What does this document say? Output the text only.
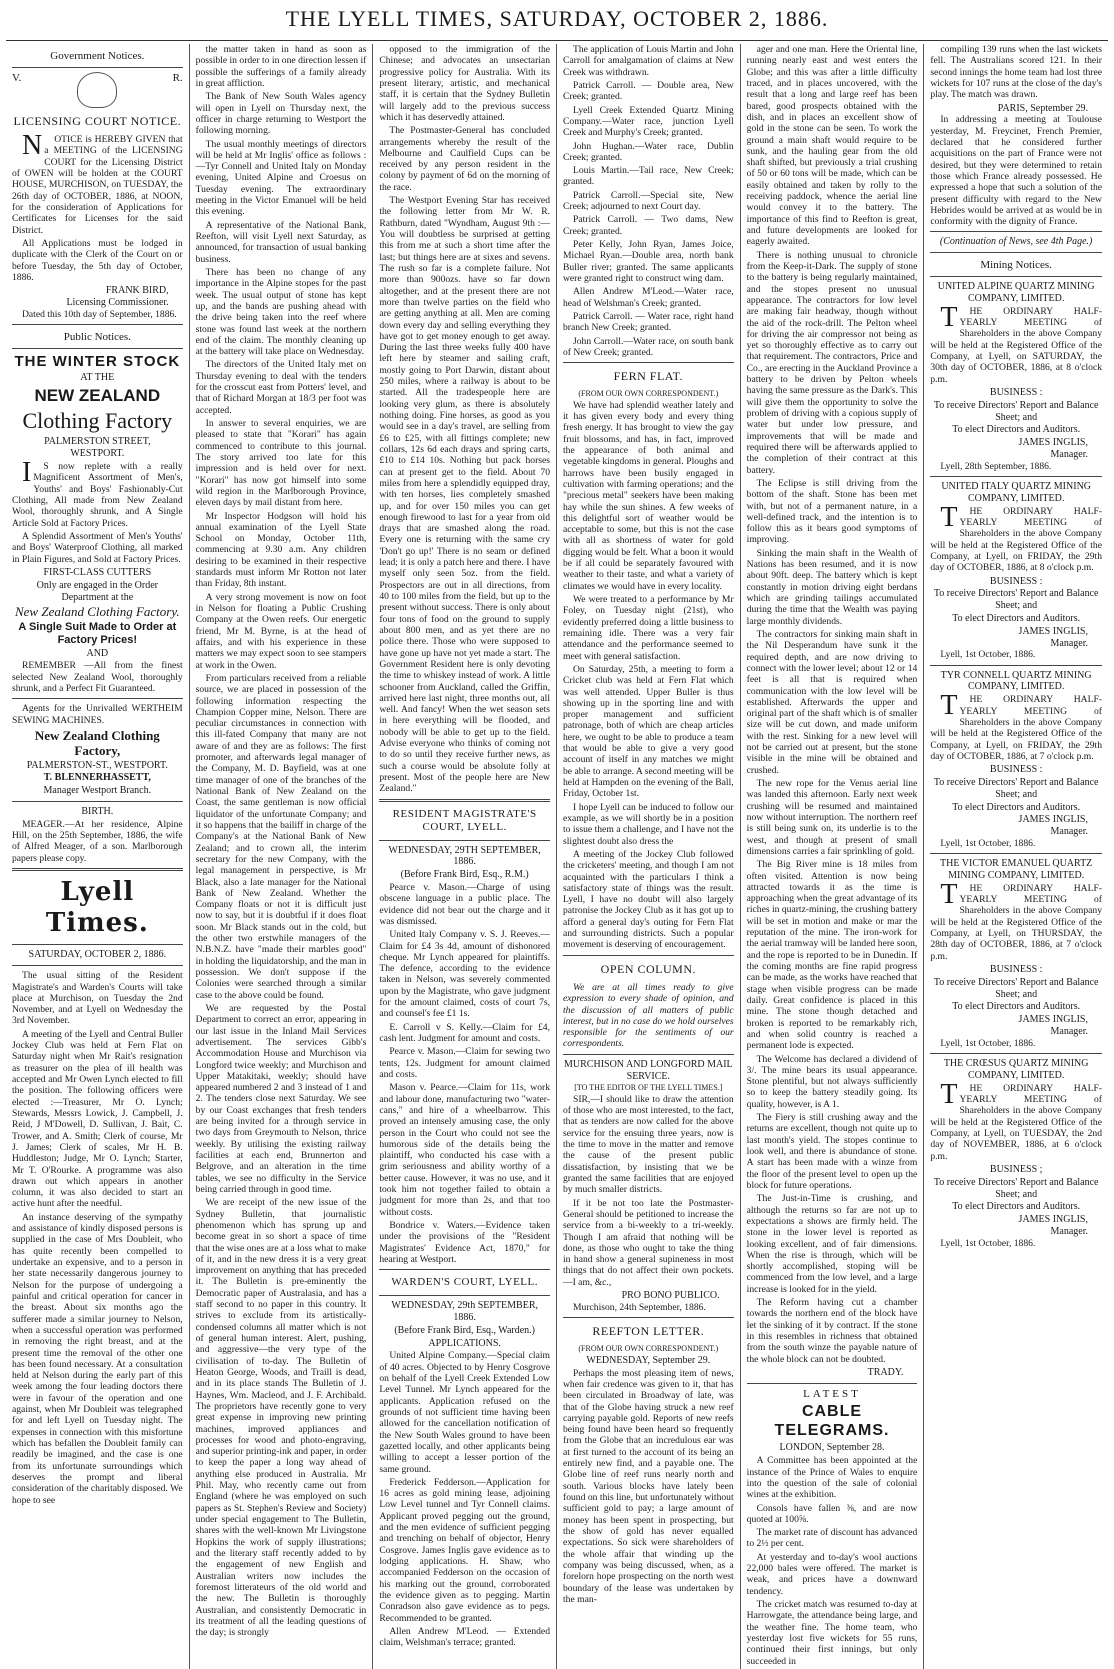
THE LYELL TIMES, SATURDAY, OCTOBER 2, 1886.
Government Notices.
V.	R.
LICENSING COURT NOTICE.

N OTICE is HEREBY GIVEN that a MEETING of the LICENSING COURT for the Licensing District of OWEN will be holden at the COURT HOUSE, MURCHISON, on TUESDAY, the 26th day of OCTOBER, 1886, at NOON, for the consideration of Applications for Certificates for Licenses for the said District.

All Applications must be lodged in duplicate with the Clerk of the Court on or before Tuesday, the 5th day of October, 1886.

FRANK BIRD,
Licensing Commissioner.

Dated this 10th day of September, 1886.

Public Notices.
THE WINTER STOCK
AT THE
NEW ZEALAND
Clothing Factory
PALMERSTON STREET,
WESTPORT.

I S now replete with a really Magnificent Assortment of Men's, Youths' and Boys' Fashionably-Cut Clothing, All made from New Zealand Wool, thoroughly shrunk, and A Single Article Sold at Factory Prices.

A Splendid Assortment of Men's Youths' and Boys' Waterproof Clothing, all marked in Plain Figures, and Sold at Factory Prices.

FIRST-CLASS CUTTERS
Only are engaged in the Order Department at the
New Zealand Clothing Factory.
A Single Suit Made to Order at Factory Prices!
AND

REMEMBER —All from the finest selected New Zealand Wool, thoroughly shrunk, and a Perfect Fit Guaranteed.

Agents for the Unrivalled WERTHEIM SEWING MACHINES.

New Zealand Clothing Factory,
PALMERSTON-ST., WESTPORT.
T. BLENNERHASSETT,
Manager Westport Branch.
BIRTH.

MEAGER.—At her residence, Alpine Hill, on the 25th September, 1886, the wife of Alfred Meager, of a son. Marlborough papers please copy.

Lyell Times.
SATURDAY, OCTOBER 2, 1886.

The usual sitting of the Resident Magistrate's and Warden's Courts will take place at Murchison, on Tuesday the 2nd November, and at Lyell on Wednesday the 3rd November.

A meeting of the Lyell and Central Buller Jockey Club was held at Fern Flat on Saturday night when Mr Rait's resignation as treasurer on the plea of ill health was accepted and Mr Owen Lynch elected to fill the position. The following officers were elected :—Treasurer, Mr O. Lynch; Stewards, Messrs Lowick, J. Campbell, J. Reid, J M'Dowell, D. Sullivan, J. Bait, C. Trower, and A. Smith; Clerk of course, Mr J. James; Clerk of scales, Mr H. B. Huddleston; Judge, Mr O. Lynch; Starter, Mr T. O'Rourke. A programme was also drawn out which appears in another column, it was also decided to start an active hunt after the needful.

An instance deserving of the sympathy and assistance of kindly disposed persons is supplied in the case of Mrs Doubleit, who has quite recently been compelled to undertake an expensive, and to a person in her state necessarily dangerous journey to Nelson for the purpose of undergoing a painful and critical operation for cancer in the breast. About six months ago the sufferer made a similar journey to Nelson, when a successful operation was performed in removing the right breast, and at the present time the removal of the other one has been found necessary. At a consultation held at Nelson during the early part of this week among the four leading doctors there were in favour of the operation and one against, when Mr Doubleit was telegraphed for and left Lyell on Tuesday night. The expenses in connection with this misfortune which has befallen the Doubleit family can readily be imagined, and the case is one from its unfortunate surroundings which deserves the prompt and liberal consideration of the charitably disposed. We hope to see

the matter taken in hand as soon as possible in order to in one direction lessen if possible the sufferings of a family already in great affliction.

The Bank of New South Wales agency will open in Lyell on Thursday next, the officer in charge returning to Westport the following morning.

The usual monthly meetings of directors will be held at Mr Inglis' office as follows :—Tyr Connell and United Italy on Monday evening, United Alpine and Croesus on Tuesday evening. The extraordinary meeting in the Victor Emanuel will be held this evening.

A representative of the National Bank, Reefton, will visit Lyell next Saturday, as announced, for transaction of usual banking business.

There has been no change of any importance in the Alpine stopes for the past week. The usual output of stone has kept up, and the bands are pushing ahead with the drive being taken into the reef where stone was found last week at the northern end of the claim. The monthly cleaning up at the battery will take place on Wednesday.

The directors of the United Italy met on Thursday evening to deal with the tenders for the crosscut east from Potters' level, and that of Richard Morgan at 18/3 per foot was accepted.

In answer to several enquiries, we are pleased to state that "Korari" has again commenced to contribute to this journal. The story arrived too late for this impression and is held over for next. "Korari" has now got himself into some wild region in the Marlborough Province, eleven days by mail distant from here.

Mr Inspector Hodgson will hold his annual examination of the Lyell State School on Monday, October 11th, commencing at 9.30 a.m. Any children desiring to be examined in their respective standards must inform Mr Rotton not later than Friday, 8th instant.

A very strong movement is now on foot in Nelson for floating a Public Crushing Company at the Owen reefs. Our energetic friend, Mr M. Byrne, is at the head of affairs, and with his experience in these matters we may expect soon to see stampers at work in the Owen.

From particulars received from a reliable source, we are placed in possession of the following information respecting the Champion Copper mine, Nelson. There are peculiar circumstances in connection with this ill-fated Company that many are not aware of and they are as follows: The first promoter, and afterwards legal manager of the Company, M. D. Bayfield, was at one time manager of one of the branches of the National Bank of New Zealand on the Coast, the same gentleman is now official liquidator of the unfortunate Company; and it so happens that the bailiff in charge of the Company's at the National Bank of New Zealand; and to crown all, the interim secretary for the new Company, with the legal management in perspective, is Mr Black, also a late manager for the National Bank of New Zealand. Whether the Company floats or not it is difficult just now to say, but it is doubtful if it does float soon. Mr Black stands out in the cold, but the other two erstwhile managers of the N.B.N.Z. have "made their marbles good" in holding the liquidatorship, and the man in possession. We don't suppose if the Colonies were searched through a similar case to the above could be found.

We are requested by the Postal Department to correct an error, appearing in our last issue in the Inland Mail Services advertisement. The services Gibb's Accommodation House and Murchison via Longford twice weekly; and Murchison and Upper Matakitaki, weekly; should have appeared numbered 2 and 3 instead of 1 and 2. The tenders close next Saturday. We see by our Coast exchanges that fresh tenders are being invited for a through service in two days from Greymouth to Nelson, thrice weekly. By utilising the existing railway facilities at each end, Brunnerton and Belgrove, and an alteration in the time tables, we see no difficulty in the Service being carried through in good time.

We are receipt of the new issue of the Sydney Bulletin, that journalistic phenomenon which has sprung up and become great in so short a space of time that the wise ones are at a loss what to make of it, and in the new dress it is a very great improvement on anything that has preceded it. The Bulletin is pre-eminently the Democratic paper of Australasia, and has a staff second to no paper in this country. It strives to exclude from its artistically-condensed columns all matter which is not of general human interest. Alert, pushing, and aggressive—the very type of the civilisation of to-day. The Bulletin of Heaton George, Woods, and Traill is dead, and in its place stands The Bulletin of J. Haynes, Wm. Macleod, and J. F. Archibald. The proprietors have recently gone to very great expense in improving new printing machines, improved appliances and processes for wood and photo-engraving, and superior printing-ink and paper, in order to keep the paper a long way ahead of anything else produced in Australia. Mr Phil. May, who recently came out from England (where he was employed on such papers as St. Stephen's Review and Society) under special engagement to The Bulletin, shares with the well-known Mr Livingstone Hopkins the work of supply illustrations; and the literary staff recently added to by the engagement of new English and Australian writers now includes the foremost litterateurs of the old world and the new. The Bulletin is thoroughly Australian, and consistently Democratic in its treatment of all the leading questions of the day; is strongly

opposed to the immigration of the Chinese; and advocates an unsectarian progressive policy for Australia. With its present literary, artistic, and mechanical staff, it is certain that the Sydney Bulletin will largely add to the previous success which it has deservedly attained.

The Postmaster-General has concluded arrangements whereby the result of the Melbourne and Caulfield Cups can be received by any person resident in the colony by payment of 6d on the morning of the race.

The Westport Evening Star has received the following letter from Mr W. R. Rathburn, dated "Wyndham, August 9th :—You will doubtless be surprised at getting this from me at such a short time after the last; but things here are at sixes and sevens. The rush so far is a complete failure. Not more than 900ozs. have so far down altogether, and at the present there are not more than twelve parties on the field who are getting anything at all. Men are coming down every day and selling everything they have got to get money enough to get away. During the last three weeks fully 400 have left here by steamer and sailing craft, mostly going to Port Darwin, distant about 250 miles, where a railway is about to be started. All the tradespeople here are looking very glum, as there is absolutely nothing doing. Fine horses, as good as you would see in a day's travel, are selling from £6 to £25, with all fittings complete; new collars, 12s 6d each drays and spring carts, £10 to £14 10s. Nothing but pack horses can at present get to the field. About 70 miles from here a splendidly equipped dray, with ten horses, lies completely smashed up, and for over 150 miles you can get enough firewood to last for a year from old drays that are smashed along the road. Every one is returning with the same cry 'Don't go up!' There is no seam or defined lead; it is only a patch here and there. I have myself only seen 5oz. from the field. Prospectors are out in all directions, from 40 to 100 miles from the field, but up to the present without success. There is only about four tons of food on the ground to supply about 800 men, and as yet there are no police there. Those who were supposed to have gone up have not yet made a start. The Government Resident here is only devoting the time to whiskey instead of work. A little schooner from Auckland, called the Griffin, arrived here last night, three months out, all well. And fancy! When the wet season sets in here everything will be flooded, and nobody will be able to get up to the field. Advise everyone who thinks of coming not to do so until they receive further news, as such a course would be absolute folly at present. Most of the people here are New Zealand."

RESIDENT MAGISTRATE'S COURT, LYELL.
WEDNESDAY, 29TH SEPTEMBER, 1886.
(Before Frank Bird, Esq., R.M.)

Pearce v. Mason.—Charge of using obscene language in a public place. The evidence did not bear out the charge and it was dismissed.

United Italy Company v. S. J. Reeves.—Claim for £4 3s 4d, amount of dishonored cheque. Mr Lynch appeared for plaintiffs. The defence, according to the evidence taken in Nelson, was severely commented upon by the Magistrate, who gave judgment for the amount claimed, costs of court 7s, and counsel's fee £1 1s.

E. Carroll v S. Kelly.—Claim for £4, cash lent. Judgment for amount and costs.

Pearce v. Mason.—Claim for sewing two tents, 12s. Judgment for amount claimed and costs.

Mason v. Pearce.—Claim for 11s, work and labour done, manufacturing two "water-cans," and hire of a wheelbarrow. This proved an intensely amusing case, the only person in the Court who could not see the humorous side of the details being the plaintiff, who conducted his case with a grim seriousness and ability worthy of a better cause. However, it was no use, and it took him not together failed to obtain a judgment for more than 2s, and that too without costs.

Bondrice v. Waters.—Evidence taken under the provisions of the "Resident Magistrates' Evidence Act, 1870," for hearing at Westport.

WARDEN'S COURT, LYELL.
WEDNESDAY, 29th SEPTEMBER, 1886.
(Before Frank Bird, Esq., Warden.)
APPLICATIONS.

United Alpine Company.—Special claim of 40 acres. Objected to by Henry Cosgrove on behalf of the Lyell Creek Extended Low Level Tunnel. Mr Lynch appeared for the applicants. Application refused on the grounds of not sufficient time having been allowed for the cancellation notification of the New South Wales ground to have been gazetted locally, and other applicants being willing to accept a lesser portion of the same ground.

Frederick Fedderson.—Application for 16 acres as gold mining lease, adjoining Low Level tunnel and Tyr Connell claims. Applicant proved pegging out the ground, and the men evidence of sufficient pegging and trenching on behalf of objector, Henry Cosgrove. James Inglis gave evidence as to lodging applications. H. Shaw, who accompanied Fedderson on the occasion of his marking out the ground, corroborated the evidence given as to pegging. Martin Conradson also gave evidence as to pegs. Recommended to be granted.

Allen Andrew M'Leod. — Extended claim, Welshman's terrace; granted.

The application of Louis Martin and John Carroll for amalgamation of claims at New Creek was withdrawn.

Patrick Carroll. — Double area, New Creek; granted.

Lyell Creek Extended Quartz Mining Company.—Water race, junction Lyell Creek and Murphy's Creek; granted.

John Hughan.—Water race, Dublin Creek; granted.

Louis Martin.—Tail race, New Creek; granted.

Patrick Carroll.—Special site, New Creek; adjourned to next Court day.

Patrick Carroll. — Two dams, New Creek; granted.

Peter Kelly, John Ryan, James Joice, Michael Ryan.—Double area, north bank Buller river; granted. The same applicants were granted right to construct wing dam.

Allen Andrew M'Leod.—Water race, head of Welshman's Creek; granted.

Patrick Carroll. — Water race, right hand branch New Creek; granted.

John Carroll.—Water race, on south bank of New Creek; granted.

FERN FLAT.
(FROM OUR OWN CORRESPONDENT.)

We have had splendid weather lately and it has given every body and every thing fresh energy. It has brought to view the gay fruit blossoms, and has, in fact, improved the appearance of both animal and vegetable kingdoms in general. Ploughs and harrows have been busily engaged in cultivation with farming operations; and the "precious metal" seekers have been making hay while the sun shines. A few weeks of this delightful sort of weather would be acceptable to some, but this is not the case with all as shortness of water for gold digging would be felt. What a boon it would be if all could be separately favoured with weather to their taste, and what a variety of climates we would have in every locality.

We were treated to a performance by Mr Foley, on Tuesday night (21st), who evidently preferred doing a little business to remaining idle. There was a very fair attendance and the performance seemed to meet with general satisfaction.

On Saturday, 25th, a meeting to form a Cricket club was held at Fern Flat which was well attended. Upper Buller is thus showing up in the sporting line and with proper management and sufficient patronage, both of which are cheap articles here, we ought to be able to produce a team that would be able to give a very good account of itself in any matches we might be able to arrange. A second meeting will be held at Hampden on the evening of the Ball, Friday, October 1st.

I hope Lyell can be induced to follow our example, as we will shortly be in a position to issue them a challenge, and I have not the slightest doubt also dress the

A meeting of the Jockey Club followed the cricketers' meeting, and though I am not acquainted with the particulars I think a satisfactory state of things was the result. Lyell, I have no doubt will also largely patronise the Jockey Club as it has got up to afford a general day's outing for Fern Flat and surrounding districts. Such a popular movement is deserving of encouragement.

OPEN COLUMN.

We are at all times ready to give expression to every shade of opinion, and the discussion of all matters of public interest, but in no case do we hold ourselves responsible for the sentiments of our correspondents.

MURCHISON AND LONGFORD MAIL SERVICE.
[TO THE EDITOR OF THE LYELL TIMES.]

SIR,—I should like to draw the attention of those who are most interested, to the fact, that as tenders are now called for the above service for the ensuing three years, now is the time to move in the matter and remove the cause of the present public dissatisfaction, by insisting that we be granted the same facilities that are enjoyed by much smaller districts.

If it be not too late the Postmaster-General should be petitioned to increase the service from a bi-weekly to a tri-weekly. Though I am afraid that nothing will be done, as those who ought to take the thing in hand show a general supineness in most things that do not affect their own pockets.—I am, &c.,

PRO BONO PUBLICO.

Murchison, 24th September, 1886.

REEFTON LETTER.
(FROM OUR OWN CORRESPONDENT.)
WEDNESDAY, September 29.

Perhaps the most pleasing item of news, when fair credence was given to it, that has been circulated in Broadway of late, was that of the Globe having struck a new reef carrying payable gold. Reports of new reefs being found have been heard so frequently from the Globe that an incredulous ear was at first turned to the account of its being an entirely new find, and a payable one. The Globe line of reef runs nearly north and south. Various blocks have lately been found on this line, but unfortunately without sufficient gold to pay; a large amount of money has been spent in prospecting, but the show of gold has never equalled expectations. So sick were shareholders of the whole affair that winding up the company was being discussed, when, as a forelorn hope prospecting on the north west boundary of the lease was undertaken by the man-

ager and one man. Here the Oriental line, running nearly east and west enters the Globe; and this was after a little difficulty traced, and in places uncovered, with the result that a long and large reef has been bared, good prospects obtained with the dish, and in places an excellent show of gold in the stone can be seen. To work the ground a main shaft would require to be sunk, and the hauling gear from the old shaft shifted, but previously a trial crushing of 50 or 60 tons will be made, which can be easily obtained and taken by rolly to the receiving paddock, whence the aerial line would convey it to the battery. The importance of this find to Reefton is great, and future developments are looked for eagerly awaited.

There is nothing unusual to chronicle from the Keep-it-Dark. The supply of stone to the battery is being regularly maintained, and the stopes present no unusual appearance. The contractors for low level are making fair headway, though without the aid of the rock-drill. The Pelton wheel for driving the air compressor not being as yet so thoroughly effective as to carry out that requirement. The contractors, Price and Co., are erecting in the Auckland Province a battery to be driven by Pelton wheels having the same pressure as the Dark's. This will give them the opportunity to solve the problem of driving with a copious supply of water but under low pressure, and improvements that will be made and required there will be afterwards applied to the completion of their contract at this battery.

The Eclipse is still driving from the bottom of the shaft. Stone has been met with, but not of a permanent nature, in a well-defined track, and the intention is to follow this as it bears good symptoms of improving.

Sinking the main shaft in the Wealth of Nations has been resumed, and it is now about 90ft. deep. The battery which is kept constantly in motion driving eight berdans which are grinding tailings accumulated during the time that the Wealth was paying large monthly dividends.

The contractors for sinking main shaft in the Nil Desperandum have sunk it the required depth, and are now driving to connect with the lower level; about 12 or 14 feet is all that is required when communication with the low level will be established. Afterwards the upper and original part of the shaft which is of smaller size will be cut down, and made uniform with the rest. Sinking for a new level will not be carried out at present, but the stone visible in the mine will be obtained and crushed.

The new rope for the Venus aerial line was landed this afternoon. Early next week crushing will be resumed and maintained now without interruption. The northern reef is still being sunk on, its underlie is to the west, and though at present of small dimensions carries a fair sprinkling of gold.

The Big River mine is 18 miles from often visited. Attention is now being attracted towards it as the time is approaching when the great advantage of its riches in quartz-mining, the crushing battery will be set in motion and make or mar the reputation of the mine. The iron-work for the aerial tramway will be landed here soon, and the rope is reported to be in Dunedin. If the coming months are fine rapid progress can be made, as the works have reached that stage when visible progress can be made daily. Great confidence is placed in this mine. The stone though detached and broken is reported to be remarkably rich, and when solid country is reached a permanent lode is expected.

The Welcome has declared a dividend of 3/. The mine bears its usual appearance. Stone plentiful, but not always sufficiently so to keep the battery steadily going. Its quality, however, is A 1.

The Fiery is still crushing away and the returns are excellent, though not quite up to last month's yield. The stopes continue to look well, and there is abundance of stone. A start has been made with a winze from the floor of the present level to open up the block for future operations.

The Just-in-Time is crushing, and although the returns so far are not up to expectations a shows are firmly held. The stone in the lower level is reported as looking excellent, and of fair dimensions. When the rise is through, which will be shortly accomplished, stoping will be commenced from the low level, and a large increase is looked for in the yield.

The Reform having cut a chamber towards the northern end of the block have let the sinking of it by contract. If the stone in this resembles in richness that obtained from the south winze the payable nature of the whole block can not be doubted.

TRADY.
LATEST
CABLE TELEGRAMS.
LONDON, September 28.

A Committee has been appointed at the instance of the Prince of Wales to enquire into the question of the sale of colonial wines at the exhibition.

Consols have fallen ⅜, and are now quoted at 100⅝.

The market rate of discount has advanced to 2½ per cent.

At yesterday and to-day's wool auctions 22,000 bales were offered. The market is weak, and prices have a downward tendency.

The cricket match was resumed to-day at Harrowgate, the attendance being large, and the weather fine. The home team, who yesterday lost five wickets for 55 runs, continued their first innings, but only succeeded in

compiling 139 runs when the last wickets fell. The Australians scored 121. In their second innings the home team had lost three wickets for 107 runs at the close of the day's play. The match was drawn.

PARIS, September 29.

In addressing a meeting at Toulouse yesterday, M. Freycinet, French Premier, declared that he considered further acquisitions on the part of France were not desired, but they were determined to retain those which France already possessed. He expressed a hope that such a solution of the present difficulty with regard to the New Hebrides would be arrived at as would be in conformity with the dignity of France.

(Continuation of News, see 4th Page.)
Mining Notices.
UNITED ALPINE QUARTZ MINING COMPANY, LIMITED.

T HE ORDINARY HALF-YEARLY MEETING of Shareholders in the above Company will be held at the Registered Office of the Company, at Lyell, on SATURDAY, the 30th day of OCTOBER, 1886, at 8 o'clock p.m.

BUSINESS :
To receive Directors' Report and Balance Sheet; and
To elect Directors and Auditors.
JAMES INGLIS,
Manager.

Lyell, 28th September, 1886.

UNITED ITALY QUARTZ MINING COMPANY, LIMITED.

T HE ORDINARY HALF-YEARLY MEETING of Shareholders in the above Company will be held at the Registered Office of the Company, at Lyell, on FRIDAY, the 29th day of OCTOBER, 1886, at 8 o'clock p.m.

BUSINESS :
To receive Directors' Report and Balance Sheet; and
To elect Directors and Auditors.
JAMES INGLIS,
Manager.

Lyell, 1st October, 1886.

TYR CONNELL QUARTZ MINING COMPANY, LIMITED.

T HE ORDINARY HALF-YEARLY MEETING of Shareholders in the above Company will be held at the Registered Office of the Company, at Lyell, on FRIDAY, the 29th day of OCTOBER, 1886, at 7 o'clock p.m.

BUSINESS :
To receive Directors' Report and Balance Sheet; and
To elect Directors and Auditors.
JAMES INGLIS,
Manager.

Lyell, 1st October, 1886.

THE VICTOR EMANUEL QUARTZ MINING COMPANY, LIMITED.

T HE ORDINARY HALF-YEARLY MEETING of Shareholders in the above Company will be held at the Registered Office of the Company, at Lyell, on THURSDAY, the 28th day of OCTOBER, 1886, at 7 o'clock p.m.

BUSINESS :
To receive Directors' Report and Balance Sheet; and
To elect Directors and Auditors.
JAMES INGLIS,
Manager.

Lyell, 1st October, 1886.

THE CRŒSUS QUARTZ MINING COMPANY, LIMITED.

T HE ORDINARY HALF-YEARLY MEETING of Shareholders in the above Company will be held at the Registered Office of the Company, at Lyell, on TUESDAY, the 2nd day of NOVEMBER, 1886, at 6 o'clock p.m.

BUSINESS ;
To receive Directors' Report and Balance Sheet; and
To elect Directors and Auditors.
JAMES INGLIS,
Manager.

Lyell, 1st October, 1886.
